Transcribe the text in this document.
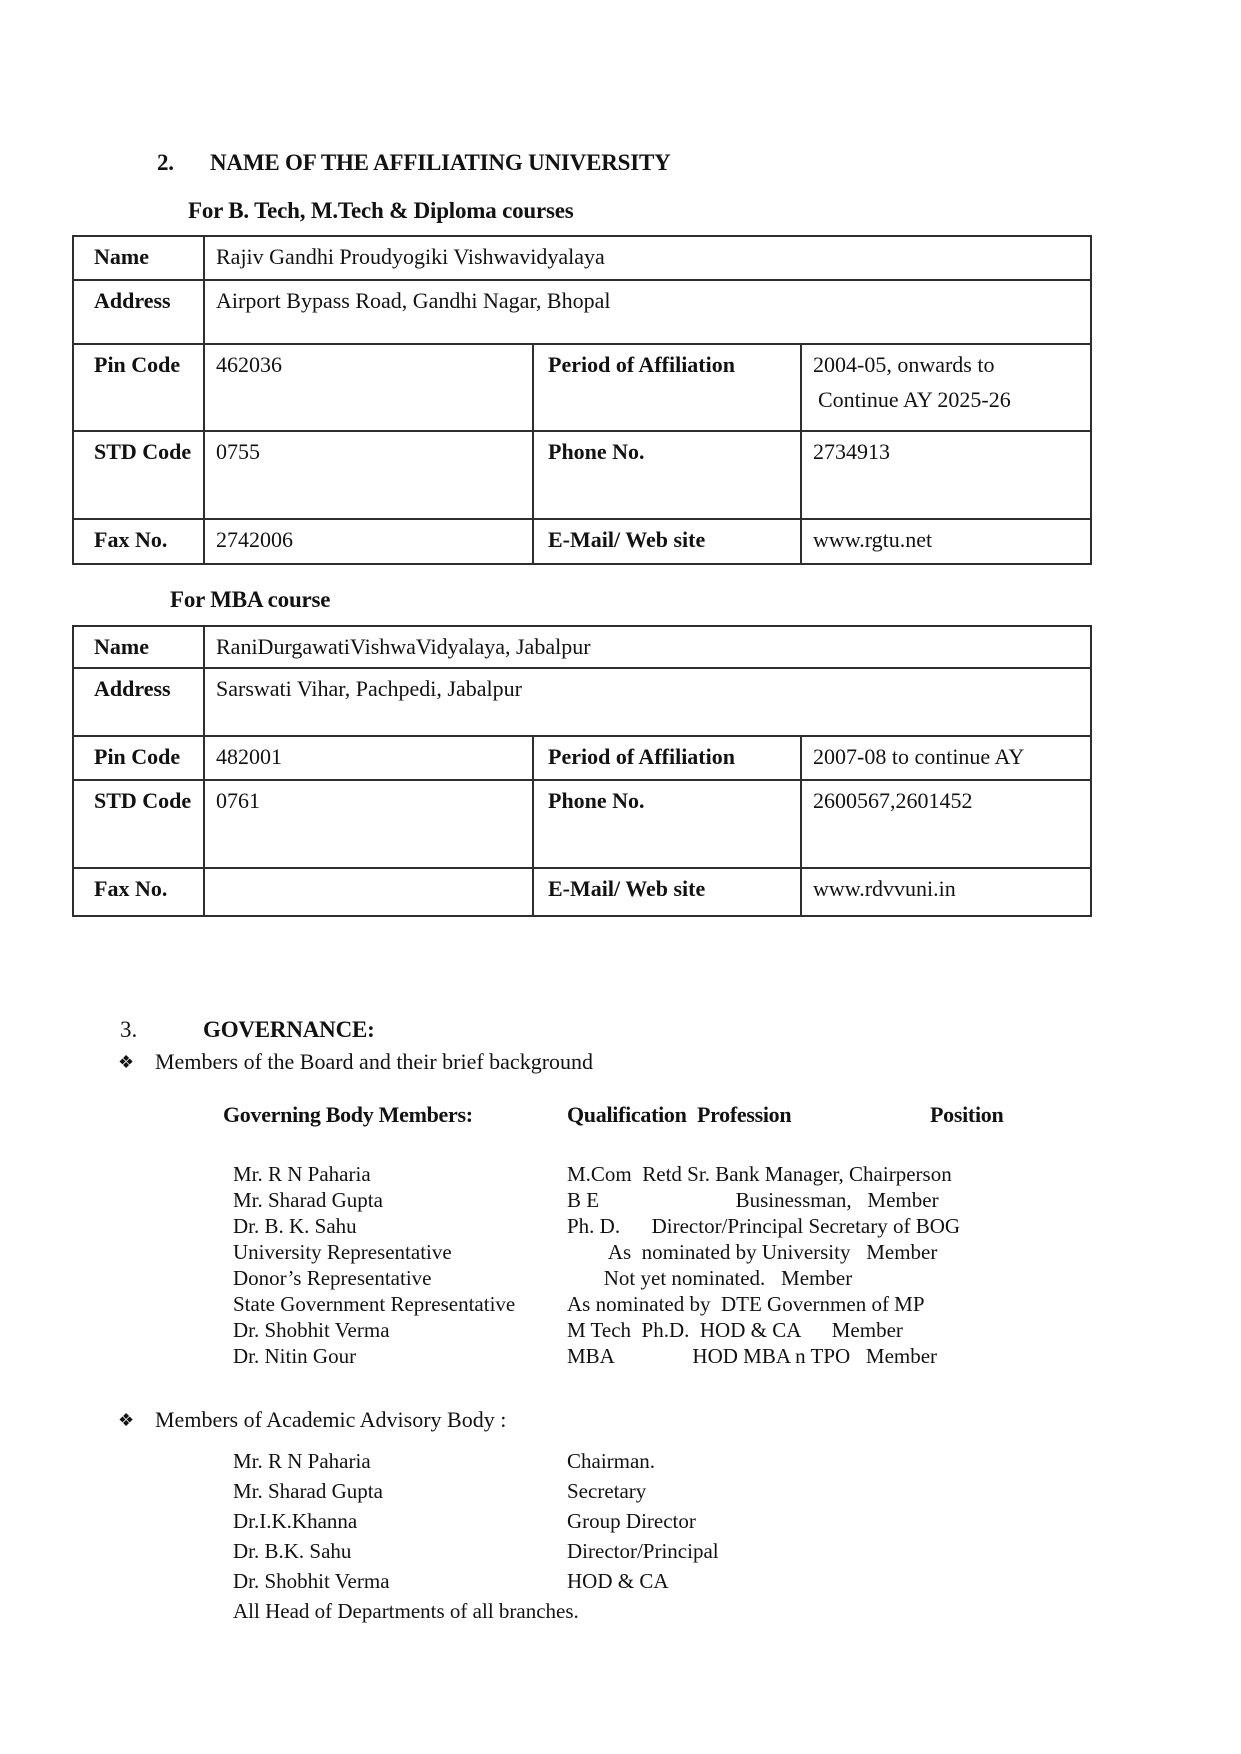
2.	NAME OF THE AFFILIATING UNIVERSITY
For B. Tech, M.Tech & Diploma courses
Name	Rajiv Gandhi Proudyogiki Vishwavidyalaya		
Address	Airport Bypass Road, Gandhi Nagar, Bhopal		
Pin Code	462036	Period of Affiliation	2004-05, onwards to
Continue AY 2025-26

STD Code	0755	Phone No.	2734913
Fax No.	2742006	E-Mail/ Web site	www.rgtu.net
For MBA course
Name	RaniDurgawatiVishwaVidyalaya, Jabalpur		
Address	Sarswati Vihar, Pachpedi, Jabalpur		
Pin Code	482001	Period of Affiliation	2007-08 to continue AY
STD Code	0761	Phone No.	2600567,2601452
Fax No.		E-Mail/ Web site	www.rdvvuni.in
3.	GOVERNANCE:
❖ Members of the Board and their brief background
Governing Body Members:	Qualification  Profession	Position
Mr. R N Paharia	M.Com  Retd Sr. Bank Manager, Chairperson
Mr. Sharad Gupta	B E                          Businessman,   Member
Dr. B. K. Sahu	Ph. D.      Director/Principal Secretary of BOG
University Representative	As  nominated by University   Member
Donor’s Representative	Not yet nominated.   Member
State Government Representative	As nominated by  DTE Governmen of MP
Dr. Shobhit Verma	M Tech  Ph.D.  HOD & CA      Member
Dr. Nitin Gour	MBA               HOD MBA n TPO   Member
❖ Members of Academic Advisory Body :
Mr. R N Paharia	Chairman.
Mr. Sharad Gupta	Secretary
Dr.I.K.Khanna	Group Director
Dr. B.K. Sahu	Director/Principal
Dr. Shobhit Verma	HOD & CA
All Head of Departments of all branches.
